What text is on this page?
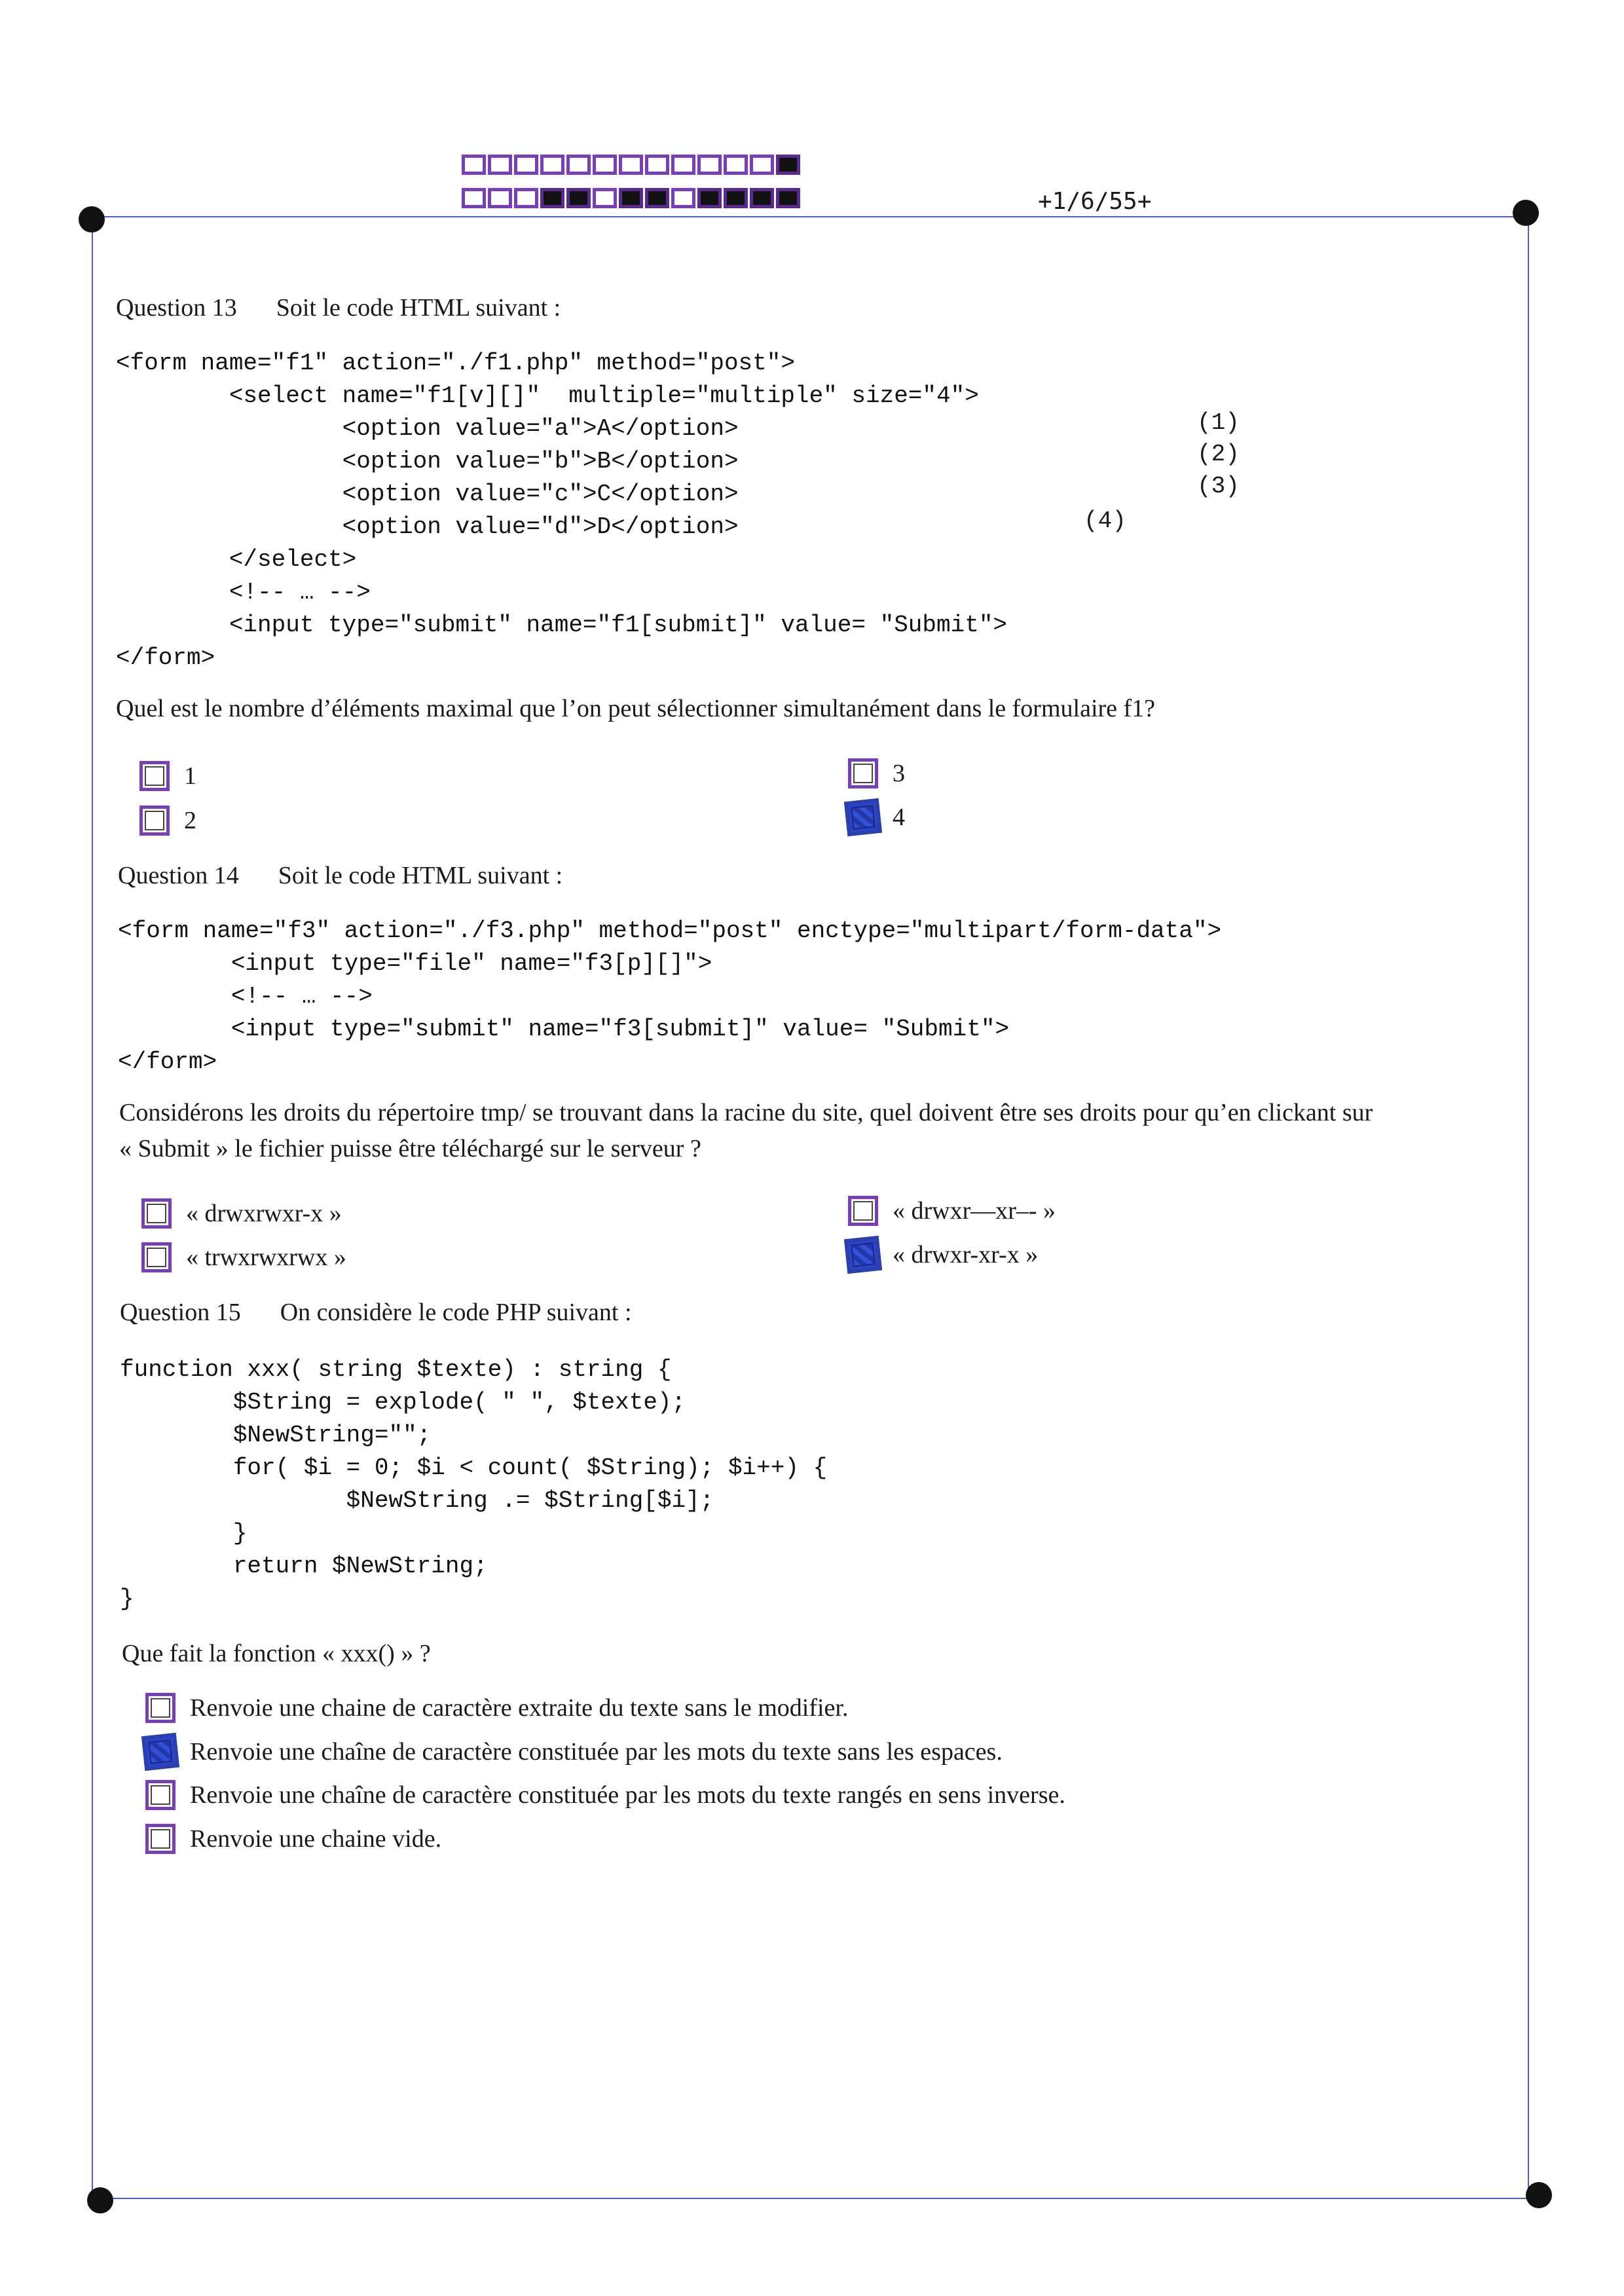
+1/6/55+
Question 13 Soit le code HTML suivant :
<form name="f1" action="./f1.php" method="post">
<select name="f1[v][]"  multiple="multiple" size="4">
<option value="a">A</option>
<option value="b">B</option>
<option value="c">C</option>
<option value="d">D</option>
</select>
<!-- … -->
<input type="submit" name="f1[submit]" value= "Submit">
</form>

(1)
(2)
(3)
(4)
Quel est le nombre d’éléments maximal que l’on peut sélectionner simultanément dans le formulaire f1?
1
2
3
4
Question 14 Soit le code HTML suivant :
<form name="f3" action="./f3.php" method="post" enctype="multipart/form-data">
<input type="file" name="f3[p][]">
<!-- … -->
<input type="submit" name="f3[submit]" value= "Submit">
</form>

Considérons les droits du répertoire tmp/ se trouvant dans la racine du site, quel doivent être ses droits pour qu’en clickant sur
« Submit » le fichier puisse être téléchargé sur le serveur ?
« drwxrwxr-x »
« trwxrwxrwx »
« drwxr—xr–- »
« drwxr-xr-x »
Question 15 On considère le code PHP suivant :
function xxx( string $texte) : string {
$String = explode( " ", $texte);
$NewString="";
for( $i = 0; $i < count( $String); $i++) {
$NewString .= $String[$i];
}
return $NewString;
}

Que fait la fonction « xxx() » ?
Renvoie une chaine de caractère extraite du texte sans le modifier.
Renvoie une chaîne de caractère constituée par les mots du texte sans les espaces.
Renvoie une chaîne de caractère constituée par les mots du texte rangés en sens inverse.
Renvoie une chaine vide.
